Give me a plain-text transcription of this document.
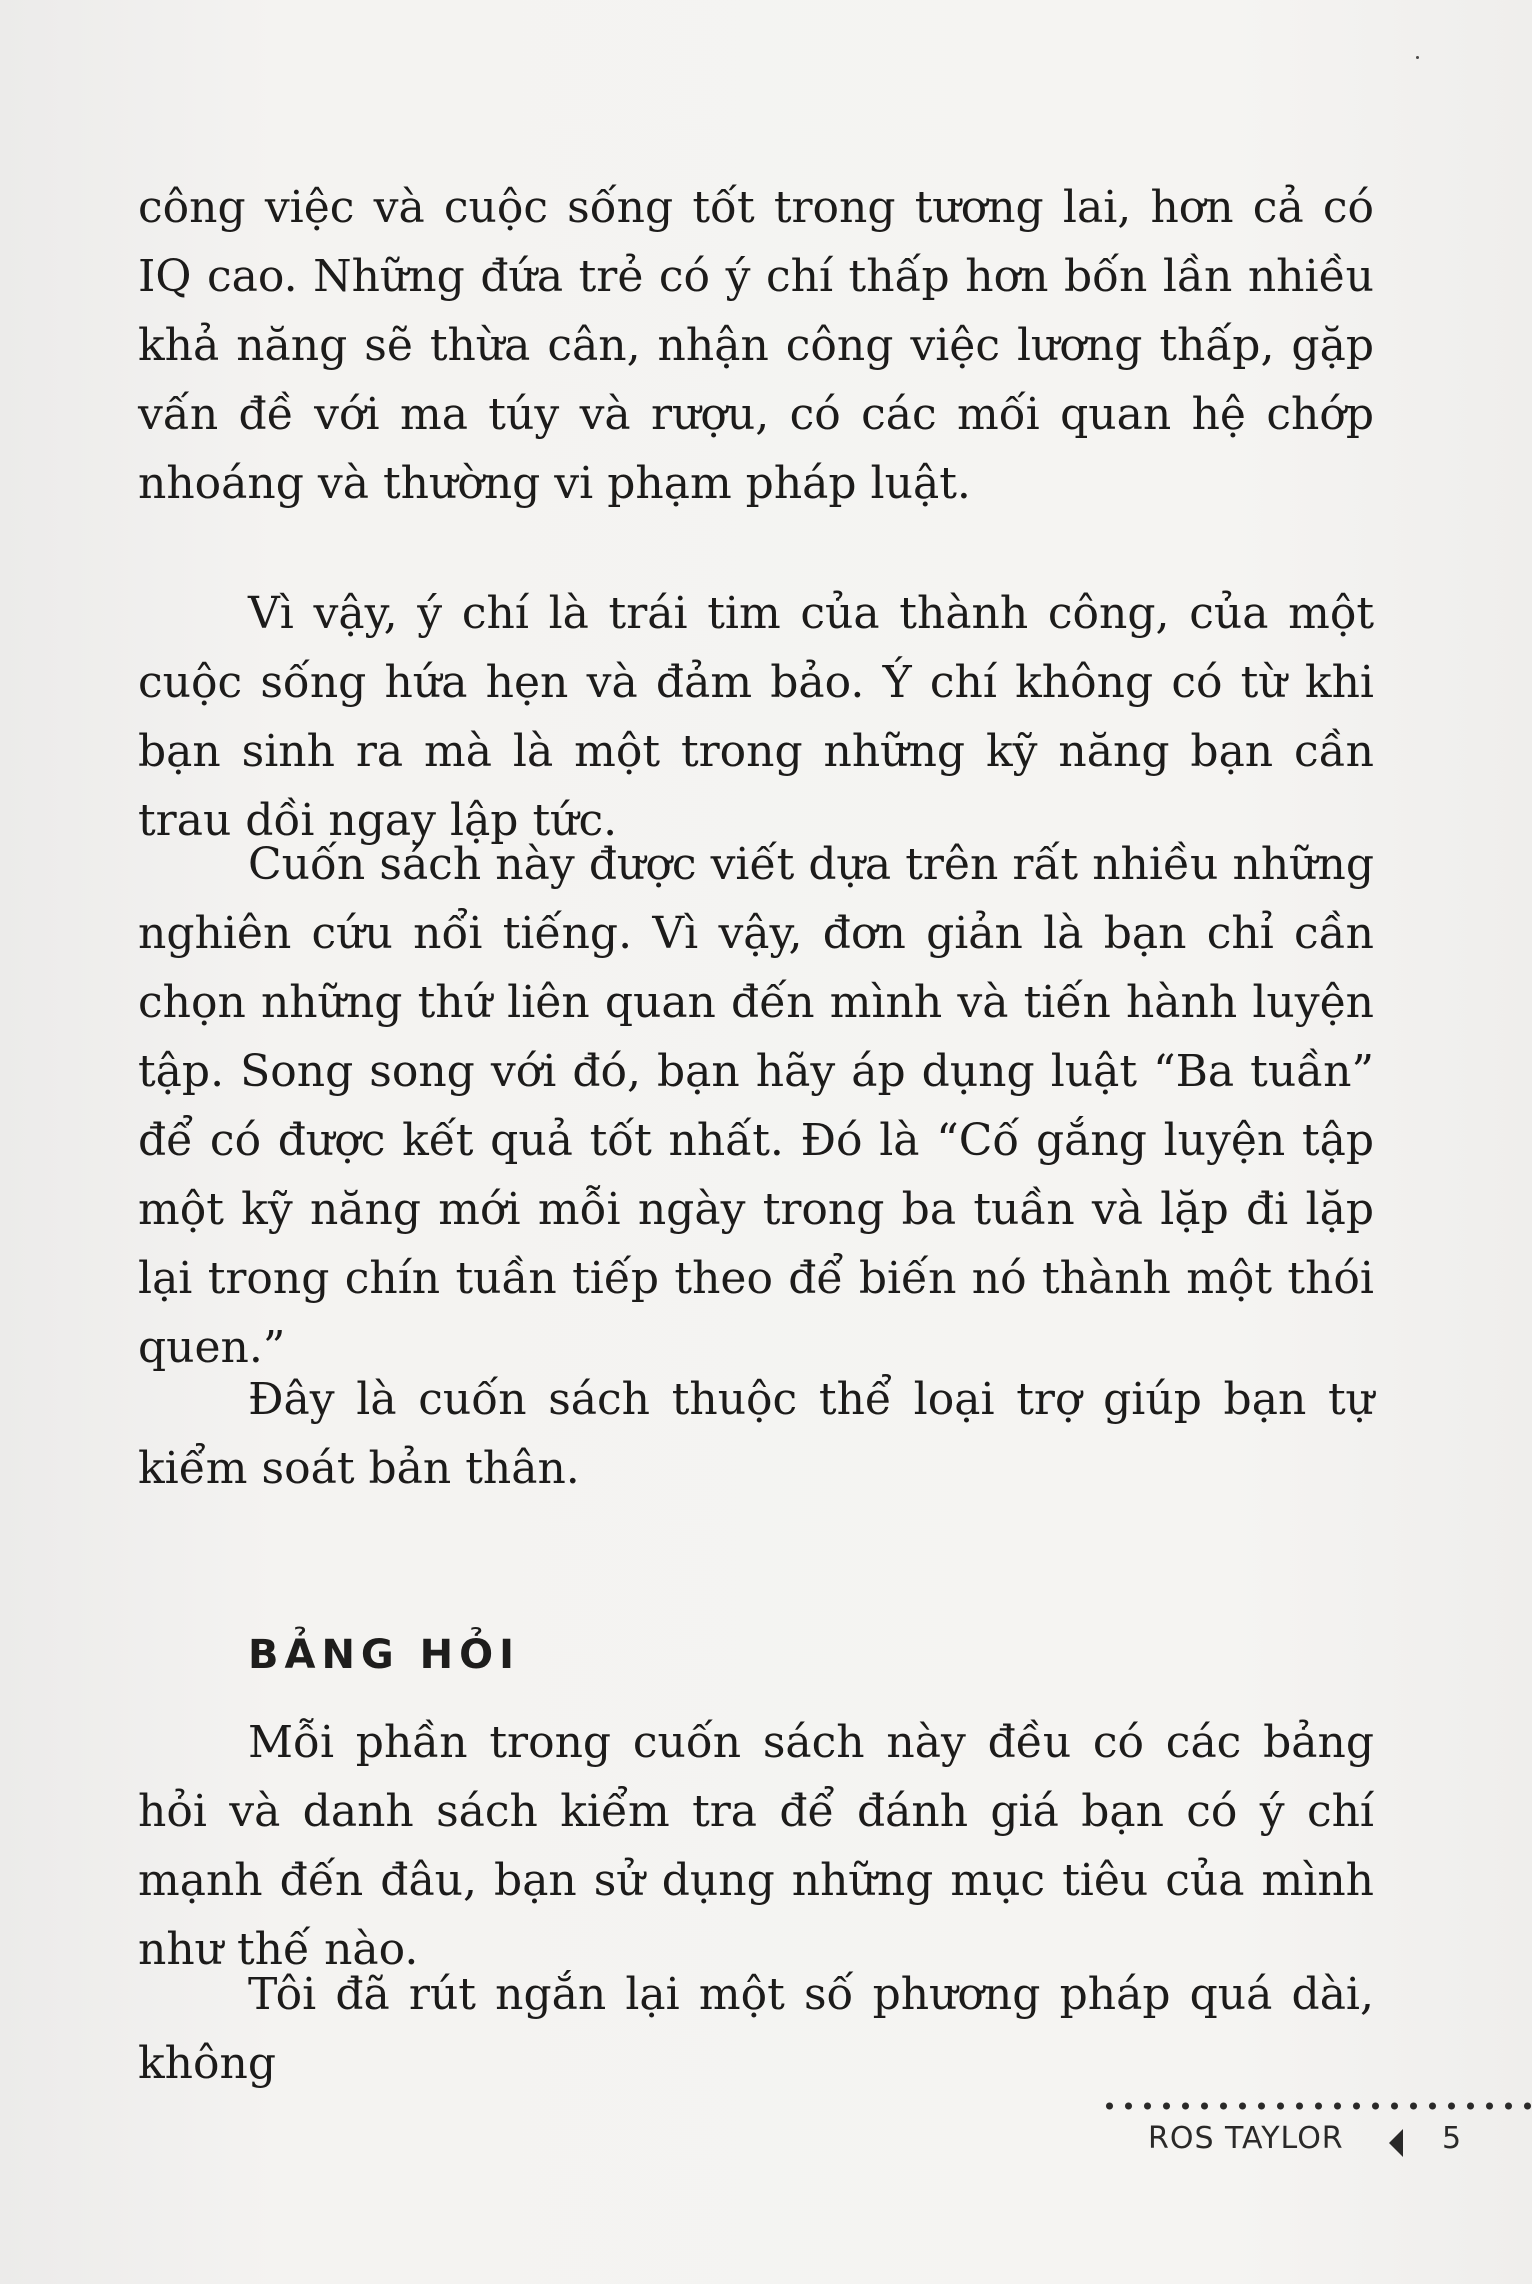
công việc và cuộc sống tốt trong tương lai, hơn cả có IQ cao. Những đứa trẻ có ý chí thấp hơn bốn lần nhiều khả năng sẽ thừa cân, nhận công việc lương thấp, gặp vấn đề với ma túy và rượu, có các mối quan hệ chớp nhoáng và thường vi phạm pháp luật.

Vì vậy, ý chí là trái tim của thành công, của một cuộc sống hứa hẹn và đảm bảo. Ý chí không có từ khi bạn sinh ra mà là một trong những kỹ năng bạn cần trau dồi ngay lập tức.

Cuốn sách này được viết dựa trên rất nhiều những nghiên cứu nổi tiếng. Vì vậy, đơn giản là bạn chỉ cần chọn những thứ liên quan đến mình và tiến hành luyện tập. Song song với đó, bạn hãy áp dụng luật “Ba tuần” để có được kết quả tốt nhất. Đó là “Cố gắng luyện tập một kỹ năng mới mỗi ngày trong ba tuần và lặp đi lặp lại trong chín tuần tiếp theo để biến nó thành một thói quen.”

Đây là cuốn sách thuộc thể loại trợ giúp bạn tự kiểm soát bản thân.

BẢNG HỎI

Mỗi phần trong cuốn sách này đều có các bảng hỏi và danh sách kiểm tra để đánh giá bạn có ý chí mạnh đến đâu, bạn sử dụng những mục tiêu của mình như thế nào.

Tôi đã rút ngắn lại một số phương pháp quá dài, không

ROS TAYLOR	5
